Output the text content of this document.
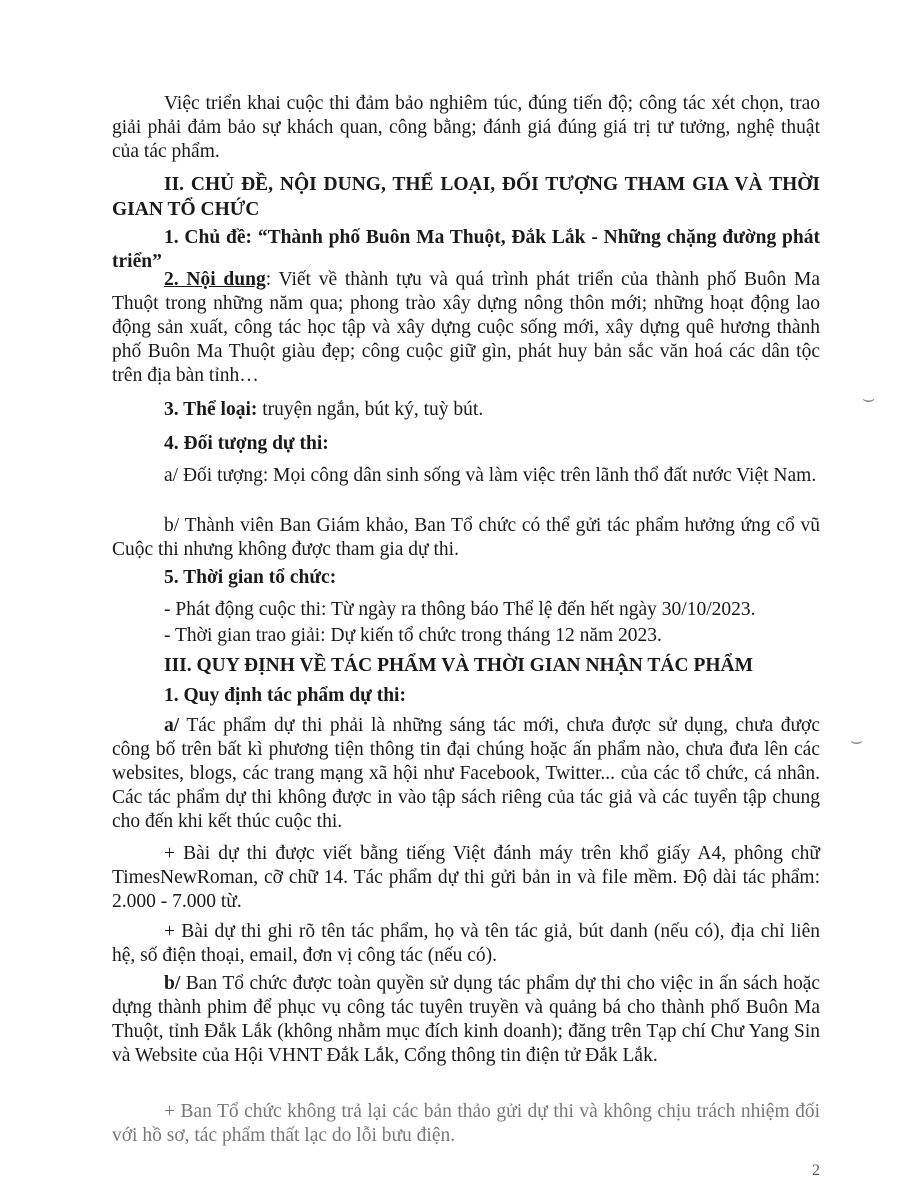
Việc triển khai cuộc thi đảm bảo nghiêm túc, đúng tiến độ; công tác xét chọn, trao giải phải đảm bảo sự khách quan, công bằng; đánh giá đúng giá trị tư tưởng, nghệ thuật của tác phẩm.

II. CHỦ ĐỀ, NỘI DUNG, THỂ LOẠI, ĐỐI TƯỢNG THAM GIA VÀ THỜI GIAN TỔ CHỨC

1. Chủ đề: “Thành phố Buôn Ma Thuột, Đắk Lắk - Những chặng đường phát triển”

2. Nội dung: Viết về thành tựu và quá trình phát triển của thành phố Buôn Ma Thuột trong những năm qua; phong trào xây dựng nông thôn mới; những hoạt động lao động sản xuất, công tác học tập và xây dựng cuộc sống mới, xây dựng quê hương thành phố Buôn Ma Thuột giàu đẹp; công cuộc giữ gìn, phát huy bản sắc văn hoá các dân tộc trên địa bàn tỉnh…

3. Thể loại: truyện ngắn, bút ký, tuỳ bút.

4. Đối tượng dự thi:

a/ Đối tượng: Mọi công dân sinh sống và làm việc trên lãnh thổ đất nước Việt Nam.

b/ Thành viên Ban Giám khảo, Ban Tổ chức có thể gửi tác phẩm hưởng ứng cổ vũ Cuộc thi nhưng không được tham gia dự thi.

5. Thời gian tổ chức:

- Phát động cuộc thi: Từ ngày ra thông báo Thể lệ đến hết ngày 30/10/2023.

- Thời gian trao giải: Dự kiến tổ chức trong tháng 12 năm 2023.

III. QUY ĐỊNH VỀ TÁC PHẨM VÀ THỜI GIAN NHẬN TÁC PHẨM

1. Quy định tác phẩm dự thi:

a/ Tác phẩm dự thi phải là những sáng tác mới, chưa được sử dụng, chưa được công bố trên bất kì phương tiện thông tin đại chúng hoặc ấn phẩm nào, chưa đưa lên các websites, blogs, các trang mạng xã hội như Facebook, Twitter... của các tổ chức, cá nhân. Các tác phẩm dự thi không được in vào tập sách riêng của tác giả và các tuyển tập chung cho đến khi kết thúc cuộc thi.

+ Bài dự thi được viết bằng tiếng Việt đánh máy trên khổ giấy A4, phông chữ TimesNewRoman, cỡ chữ 14. Tác phẩm dự thi gửi bản in và file mềm. Độ dài tác phẩm: 2.000 - 7.000 từ.

+ Bài dự thi ghi rõ tên tác phẩm, họ và tên tác giả, bút danh (nếu có), địa chỉ liên hệ, số điện thoại, email, đơn vị công tác (nếu có).

b/ Ban Tổ chức được toàn quyền sử dụng tác phẩm dự thi cho việc in ấn sách hoặc dựng thành phim để phục vụ công tác tuyên truyền và quảng bá cho thành phố Buôn Ma Thuột, tỉnh Đắk Lắk (không nhằm mục đích kinh doanh); đăng trên Tạp chí Chư Yang Sin và Website của Hội VHNT Đắk Lắk, Cổng thông tin điện tử Đắk Lắk.

+ Ban Tổ chức không trả lại các bản thảo gửi dự thi và không chịu trách nhiệm đối với hồ sơ, tác phẩm thất lạc do lỗi bưu điện.

2
⌣
⌣
